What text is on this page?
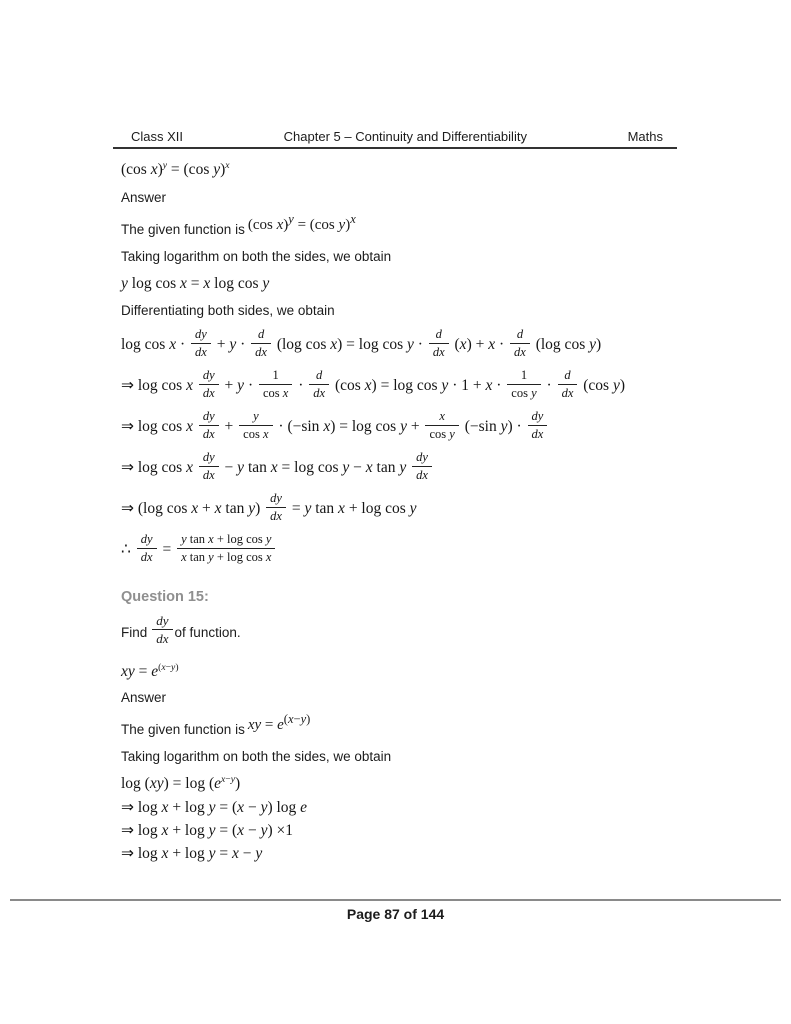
Class XII	Chapter 5 – Continuity and Differentiability	Maths
(cos x)$^y$ = (cos y)$^x$

Answer

The given function is (cos x)$^y$ = (cos y)$^x$

Taking logarithm on both the sides, we obtain

y log cos x = x log cos y

Differentiating both sides, we obtain

$\log \cos x \cdot \frac{dy}{dx} + y \cdot \frac{d}{dx} (\log$ $\cos x) = \log \cos y \cdot \frac{d}{dx} (x) + x \cdot \frac{d}{dx} (\log$ cos y)
⇒ log cos x $\frac{dy}{dx} + y \cdot \frac{1}{\text{cos x}} \cdot \frac{d}{dx} (\cos$ $x) = \log \cos y \cdot 1 + x \cdot \frac{1}{\text{cos y}} \cdot \frac{d}{dx} (\cos$ y)
⇒ log cos x $\frac{dy}{dx} + \frac{y}{\text{cos x}} \cdot (-\sin$ $x) = \log \cos y + \frac{x}{\text{cos y}} (-\sin$ $y) \cdot \frac{dy}{dx}$
⇒ log cos x $\frac{dy}{dx} - y$ tan x = log cos y − x tan y $\frac{dy}{dx}$
⇒ (log cos x + x $\tan y) \frac{dy}{dx} = y$ tan x + log cos y
∴ $\frac{dy}{dx} = \frac{\text{y tan x + log cos y}}{\text{x tan y + log cos x}}$
Question 15:

Find $\frac{dy}{dx}$ of function.

xy = $e^{(x-y)}$

Answer

The given function is xy = $e^{(x-y)}$

Taking logarithm on both the sides, we obtain

$\log (xy) = \log (e^{x-y})$
⇒ log x + log y = (x − y) log e
⇒ log x + log y = (x − y) ×1
⇒ log x + log y = x − y
Page 87 of 144
